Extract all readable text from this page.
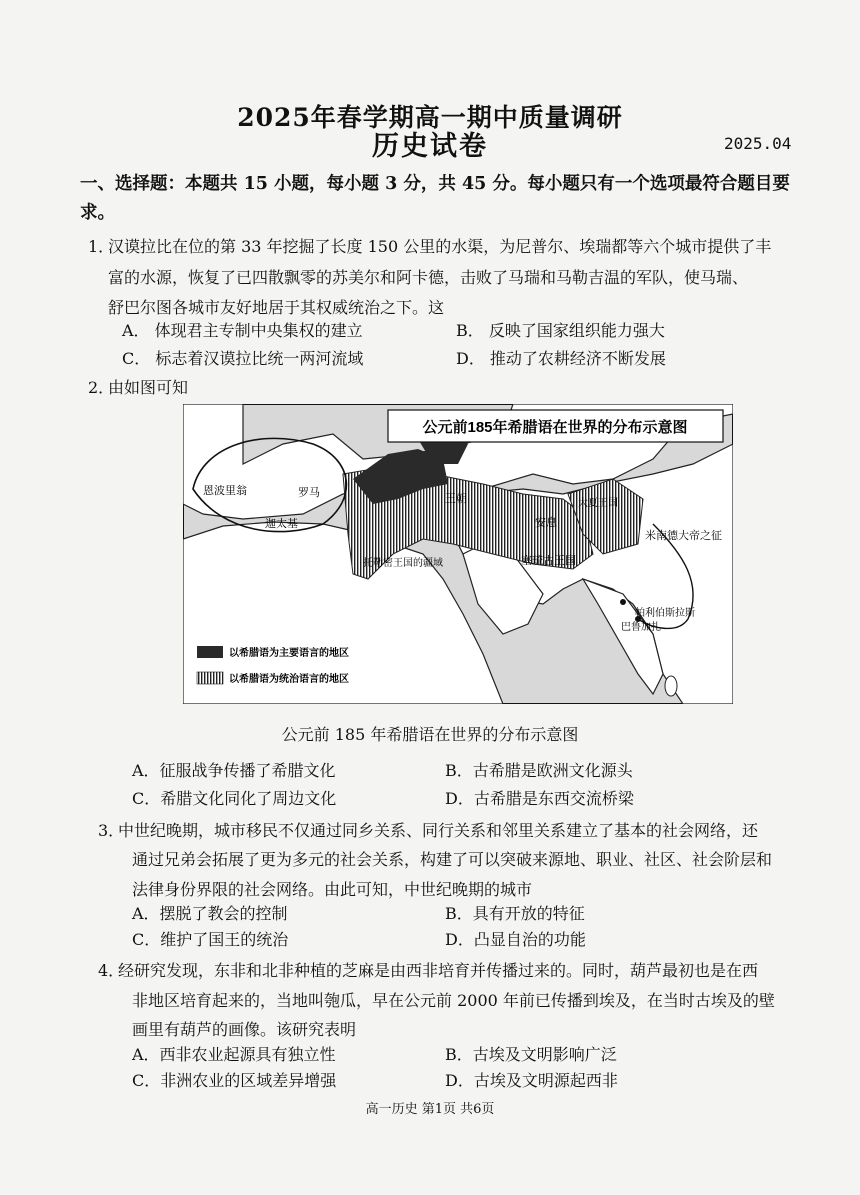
2025年春学期高一期中质量调研
历史试卷	2025.04
一、选择题：本题共 15 小题，每小题 3 分，共 45 分。每小题只有一个选项最符合题目要求。
1．
汉谟拉比在位的第 33 年挖掘了长度 150 公里的水渠，为尼普尔、埃瑞都等六个城市提供了丰
富的水源，恢复了已四散飘零的苏美尔和阿卡德，击败了马瑞和马勒吉温的军队，使马瑞、
舒巴尔图各城市友好地居于其权威统治之下。这
A． 体现君主专制中央集权的建立	B． 反映了国家组织能力强大
C． 标志着汉谟拉比统一两河流域	D． 推动了农耕经济不断发展
2．
由如图可知
公元前185年希腊语在世界的分布示意图
恩波里翁	罗马
迦太基
王朝
托勒密王国的疆域
安息
大夏王国
塞琉古王国
米南德大帝之征
帕利伯斯拉斯
巴鲁加扎
以希腊语为主要语言的地区
以希腊语为统治语言的地区
公元前 185 年希腊语在世界的分布示意图
A．征服战争传播了希腊文化	B．古希腊是欧洲文化源头
C．希腊文化同化了周边文化	D．古希腊是东西交流桥梁
3．
中世纪晚期，城市移民不仅通过同乡关系、同行关系和邻里关系建立了基本的社会网络，还
通过兄弟会拓展了更为多元的社会关系，构建了可以突破来源地、职业、社区、社会阶层和
法律身份界限的社会网络。由此可知，中世纪晚期的城市
A．摆脱了教会的控制	B．具有开放的特征
C．维护了国王的统治	D．凸显自治的功能
4．
经研究发现，东非和北非种植的芝麻是由西非培育并传播过来的。同时，葫芦最初也是在西
非地区培育起来的，当地叫匏瓜，早在公元前 2000 年前已传播到埃及，在当时古埃及的壁
画里有葫芦的画像。该研究表明
A．西非农业起源具有独立性	B．古埃及文明影响广泛
C．非洲农业的区域差异增强	D．古埃及文明源起西非
高一历史 第1页 共6页
